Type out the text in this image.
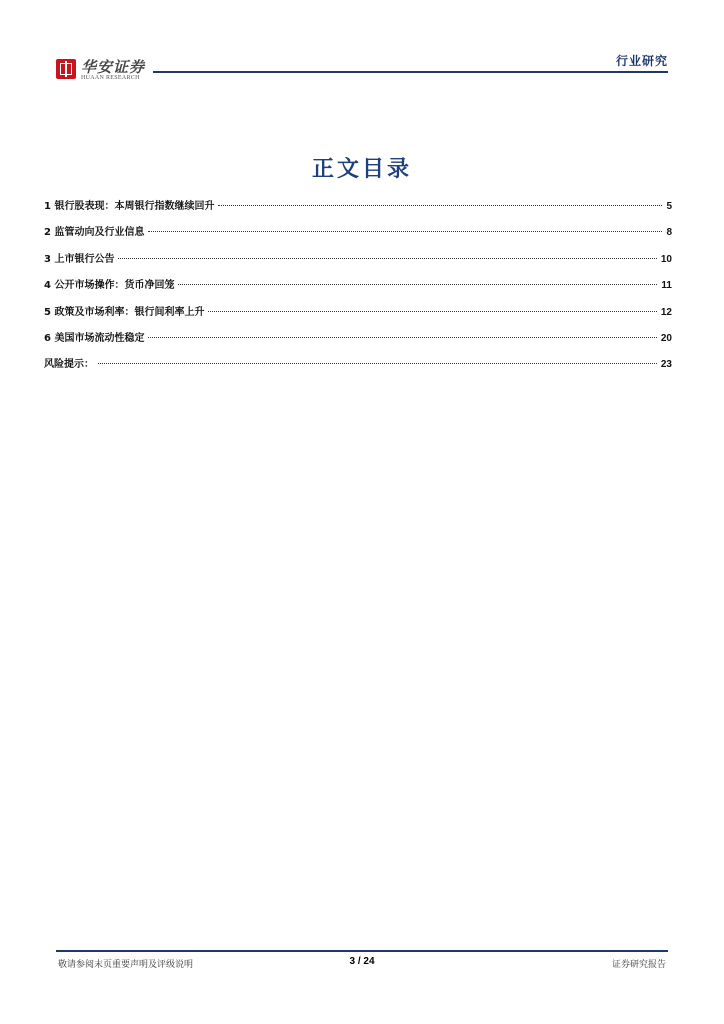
华安证券
HUAAN RESEARCH
行业研究
正文目录
1 银行股表现：本周银行指数继续回升	5
2 监管动向及行业信息	8
3 上市银行公告	10
4 公开市场操作：货币净回笼	11
5 政策及市场利率：银行间利率上升	12
6 美国市场流动性稳定	20
风险提示：	23
敬请参阅末页重要声明及评级说明	3 / 24	证券研究报告
